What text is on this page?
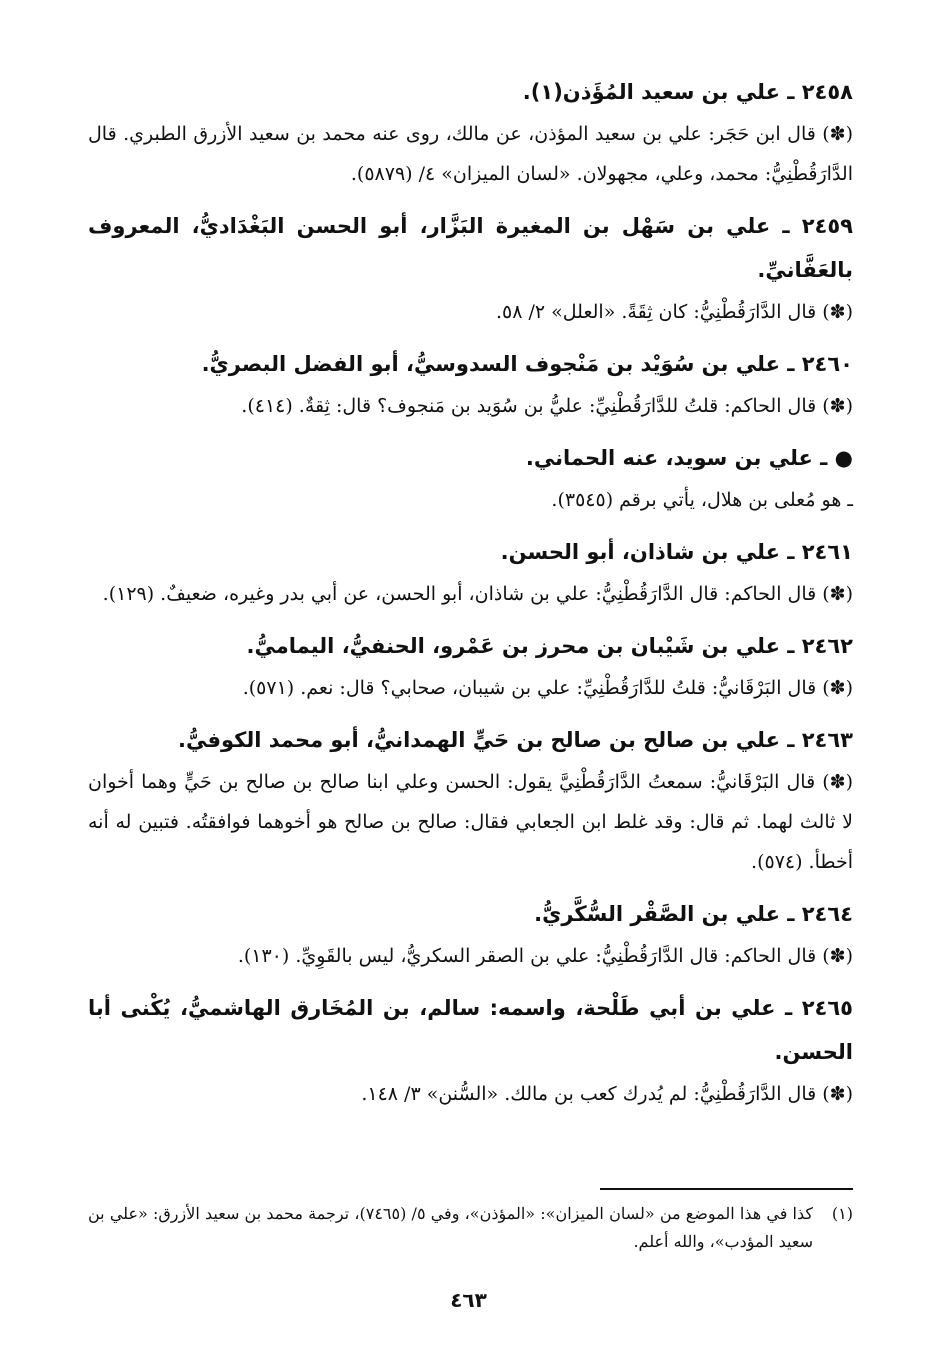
٢٤٥٨ ـ علي بن سعيد المُؤَذن(١).

(✽) قال ابن حَجَر: علي بن سعيد المؤذن، عن مالك، روى عنه محمد بن سعيد الأزرق الطبري. قال الدَّارَقُطْنِيُّ: محمد، وعلي، مجهولان. «لسان الميزان» ٤/ (٥٨٧٩).

٢٤٥٩ ـ علي بن سَهْل بن المغيرة البَزَّار، أبو الحسن البَغْدَاديُّ، المعروف بالعَفَّانيِّ.

(✽) قال الدَّارَقُطْنِيُّ: كان ثِقَةً. «العلل» ٢/ ٥٨.

٢٤٦٠ ـ علي بن سُوَيْد بن مَنْجوف السدوسيُّ، أبو الفضل البصريُّ.

(✽) قال الحاكم: قلتُ للدَّارَقُطْنِيِّ: عليُّ بن سُوَيد بن مَنجوف؟ قال: ثِقةٌ. (٤١٤).

● ـ علي بن سويد، عنه الحماني.

ـ هو مُعلى بن هلال، يأتي برقم (٣٥٤٥).

٢٤٦١ ـ علي بن شاذان، أبو الحسن.

(✽) قال الحاكم: قال الدَّارَقُطْنِيُّ: علي بن شاذان، أبو الحسن، عن أبي بدر وغيره، ضعيفٌ. (١٢٩).

٢٤٦٢ ـ علي بن شَيْبان بن محرز بن عَمْرو، الحنفيُّ، اليماميُّ.

(✽) قال البَرْقَانيُّ: قلتُ للدَّارَقُطْنِيِّ: علي بن شيبان، صحابي؟ قال: نعم. (٥٧١).

٢٤٦٣ ـ علي بن صالح بن صالح بن حَيٍّ الهمدانيُّ، أبو محمد الكوفيُّ.

(✽) قال البَرْقَانيُّ: سمعتُ الدَّارَقُطْنِيَّ يقول: الحسن وعلي ابنا صالح بن صالح بن حَيٍّ وهما أخوان لا ثالث لهما. ثم قال: وقد غلط ابن الجعابي فقال: صالح بن صالح هو أخوهما فوافقتُه. فتبين له أنه أخطأ. (٥٧٤).

٢٤٦٤ ـ علي بن الصَّقْر السُّكَّريُّ.

(✽) قال الحاكم: قال الدَّارَقُطْنِيُّ: علي بن الصقر السكريُّ، ليس بالقَوِيِّ. (١٣٠).

٢٤٦٥ ـ علي بن أبي طَلْحة، واسمه: سالم، بن المُخَارق الهاشميُّ، يُكْنى أبا الحسن.

(✽) قال الدَّارَقُطْنِيُّ: لم يُدرك كعب بن مالك. «السُّنن» ٣/ ١٤٨.

(١)
كذا في هذا الموضع من «لسان الميزان»: «المؤذن»، وفي ٥/ (٧٤٦٥)، ترجمة محمد بن سعيد الأزرق: «علي بن سعيد المؤدب»، والله أعلم.
٤٦٣
